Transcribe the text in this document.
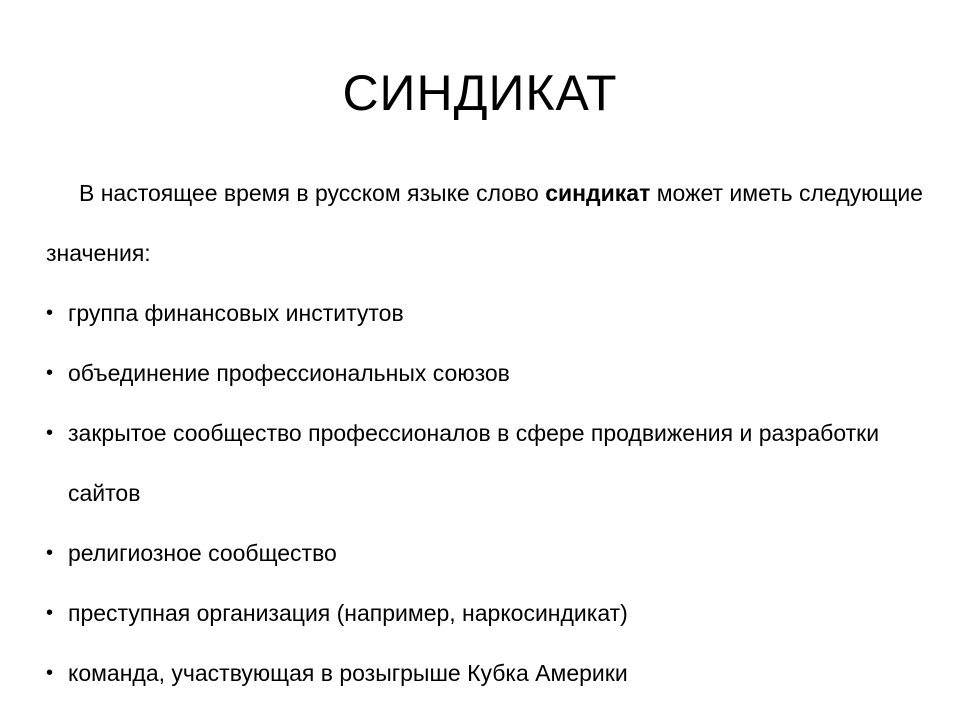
СИНДИКАТ

В настоящее время в русском языке слово синдикат может иметь следующие значения:

• группа финансовых институтов
• объединение профессиональных союзов
• закрытое сообщество профессионалов в сфере продвижения и разработки сайтов
• религиозное сообщество
• преступная организация (например, наркосиндикат)
• команда, участвующая в розыгрыше Кубка Америки
